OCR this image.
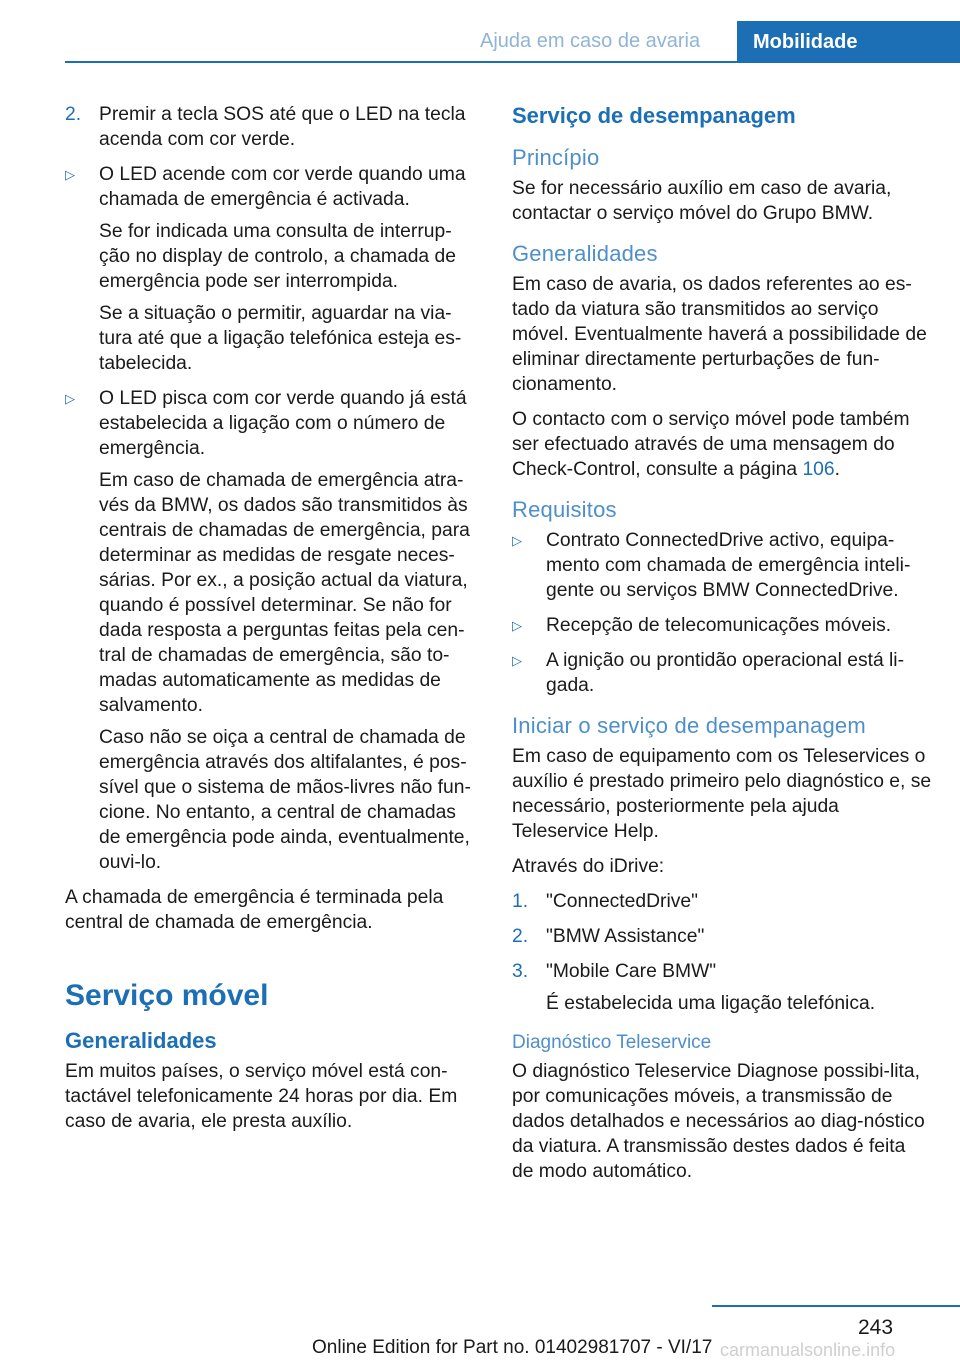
Ajuda em caso de avaria	Mobilidade
2. Premir a tecla SOS até que o LED na tecla acenda com cor verde.

▷ O LED acende com cor verde quando uma chamada de emergência é activada.

Se for indicada uma consulta de interrup‐ção no display de controlo, a chamada de emergência pode ser interrompida.

Se a situação o permitir, aguardar na via‐tura até que a ligação telefónica esteja es‐tabelecida.

▷ O LED pisca com cor verde quando já está estabelecida a ligação com o número de emergência.

Em caso de chamada de emergência atra‐vés da BMW, os dados são transmitidos às centrais de chamadas de emergência, para determinar as medidas de resgate neces‐sárias. Por ex., a posição actual da viatura, quando é possível determinar. Se não for dada resposta a perguntas feitas pela cen‐tral de chamadas de emergência, são to‐madas automaticamente as medidas de salvamento.

Caso não se oiça a central de chamada de emergência através dos altifalantes, é pos‐sível que o sistema de mãos-livres não fun‐cione. No entanto, a central de chamadas de emergência pode ainda, eventualmente, ouvi-lo.

A chamada de emergência é terminada pela central de chamada de emergência.

Serviço móvel
Generalidades

Em muitos países, o serviço móvel está con‐tactável telefonicamente 24 horas por dia. Em caso de avaria, ele presta auxílio.

Serviço de desempanagem
Princípio

Se for necessário auxílio em caso de avaria, contactar o serviço móvel do Grupo BMW.

Generalidades

Em caso de avaria, os dados referentes ao es‐tado da viatura são transmitidos ao serviço móvel. Eventualmente haverá a possibilidade de eliminar directamente perturbações de fun‐cionamento.

O contacto com o serviço móvel pode também ser efectuado através de uma mensagem do Check-Control, consulte a página 106.

Requisitos
▷ Contrato ConnectedDrive activo, equipa‐mento com chamada de emergência inteli‐gente ou serviços BMW ConnectedDrive.

▷ Recepção de telecomunicações móveis.

▷ A ignição ou prontidão operacional está li‐gada.

Iniciar o serviço de desempanagem

Em caso de equipamento com os Teleservices o auxílio é prestado primeiro pelo diagnóstico e, se necessário, posteriormente pela ajuda Teleservice Help.

Através do iDrive:

1. "ConnectedDrive"

2. "BMW Assistance"

3. "Mobile Care BMW"

É estabelecida uma ligação telefónica.

Diagnóstico Teleservice

O diagnóstico Teleservice Diagnose possibi‐lita, por comunicações móveis, a transmissão de dados detalhados e necessários ao diag‐nóstico da viatura. A transmissão destes dados é feita de modo automático.

243
Online Edition for Part no. 01402981707 - VI/17 carmanualsonline.info
